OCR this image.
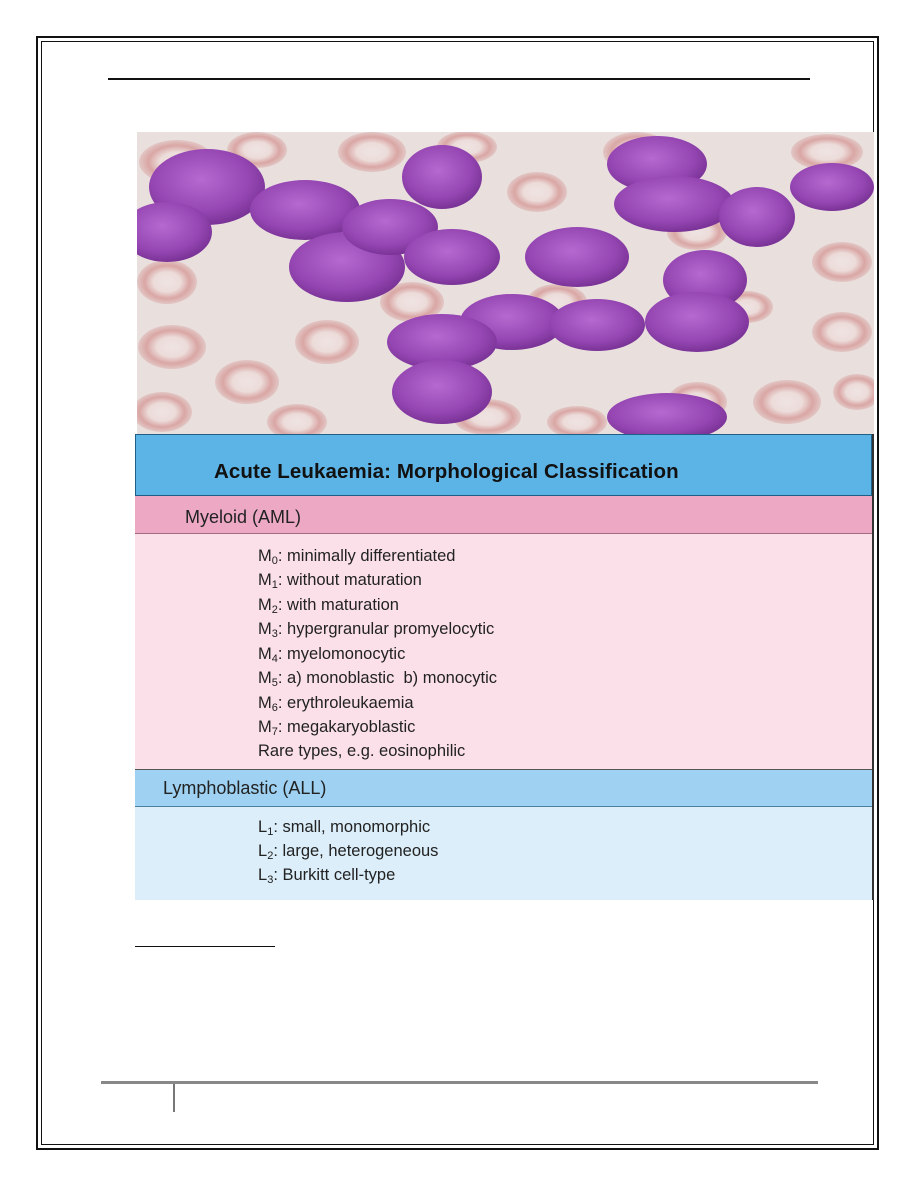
Acute Leukaemia: Morphological Classification
Myeloid (AML)
$M_0$: minimally differentiated
$M_1$: without maturation
$M_2$: with maturation
$M_3$: hypergranular promyelocytic
$M_4$: myelomonocytic
$M_5$: a) monoblastic  b) monocytic
$M_6$: erythroleukaemia
$M_7$: megakaryoblastic
Rare types, e.g. eosinophilic
Lymphoblastic (ALL)
$L_1$: small, monomorphic
$L_2$: large, heterogeneous
$L_3$: Burkitt cell-type
